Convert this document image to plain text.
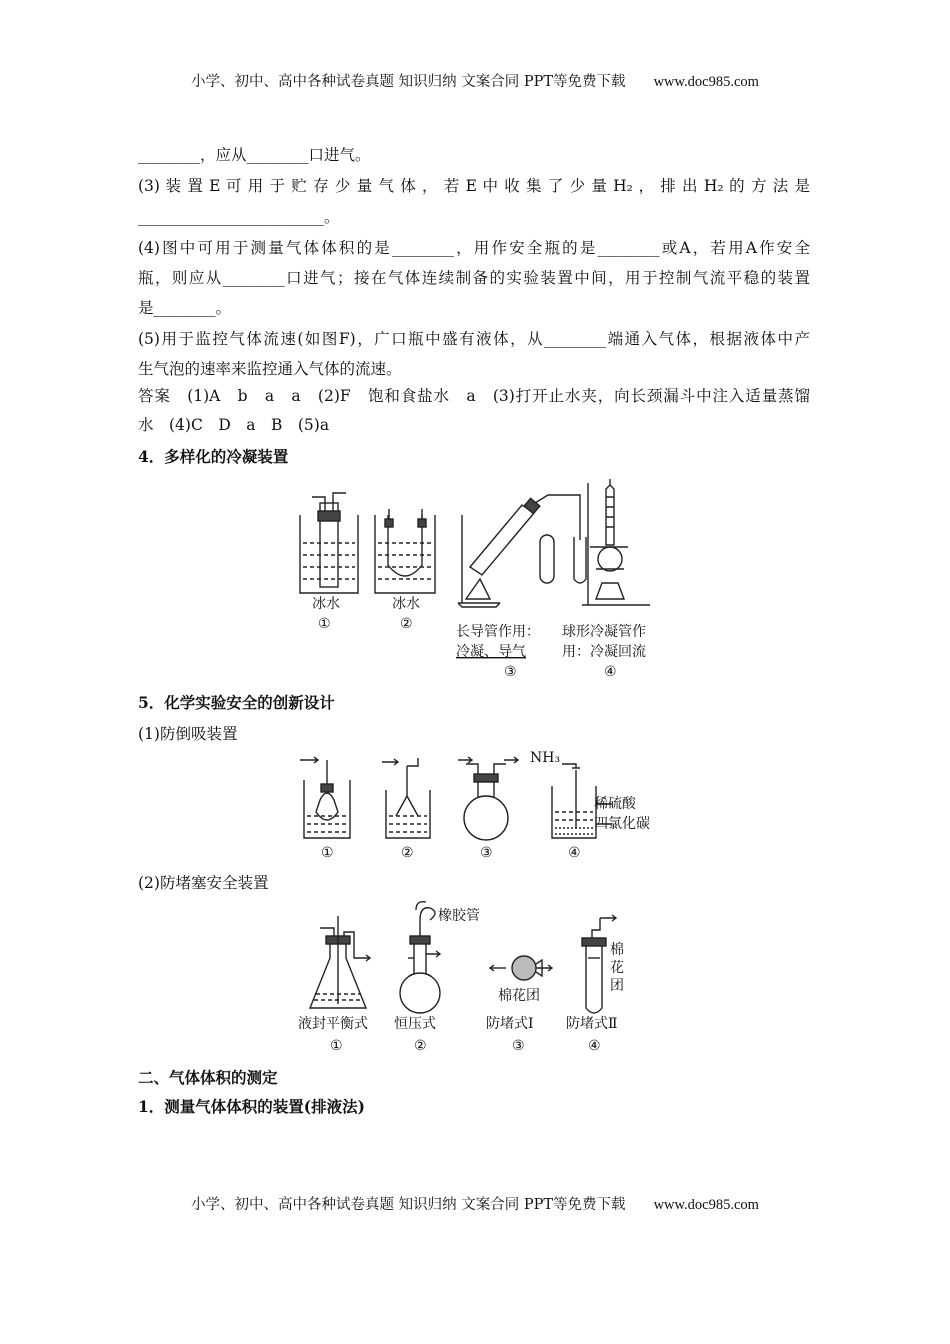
小学、初中、高中各种试卷真题 知识归纳 文案合同 PPT等免费下载 www.doc985.com
________，应从________口进气。
(3) 装 置 E 可 用 于 贮 存 少 量 气 体 ， 若 E 中 收 集 了 少 量 H₂ ， 排 出 H₂ 的 方 法 是
________________________。
(4)图中可用于测量气体体积的是________，用作安全瓶的是________或A，若用A作安全
瓶，则应从________口进气；接在气体连续制备的实验装置中间，用于控制气流平稳的装置
是________。
(5)用于监控气体流速(如图F)，广口瓶中盛有液体，从________端通入气体，根据液体中产
生气泡的速率来监控通入气体的流速。
答案　(1)A　b　a　a　(2)F　饱和食盐水　a　(3)打开止水夹，向长颈漏斗中注入适量蒸馏
水　(4)C　D　a　B　(5)a
4．多样化的冷凝装置
冰水
①
冰水
②	长导管作用：
冷凝、导气
③
球形冷凝管作
用：冷凝回流
④
5．化学实验安全的创新设计
(1)防倒吸装置
NH₃
稀硫酸
四氯化碳
①	②	③	④
(2)防堵塞安全装置
橡胶管
棉花团
棉
花
团
液封平衡式 恒压式	防堵式Ⅰ 防堵式Ⅱ
①	②	③	④
二、气体体积的测定
1．测量气体体积的装置(排液法)
小学、初中、高中各种试卷真题 知识归纳 文案合同 PPT等免费下载 www.doc985.com
